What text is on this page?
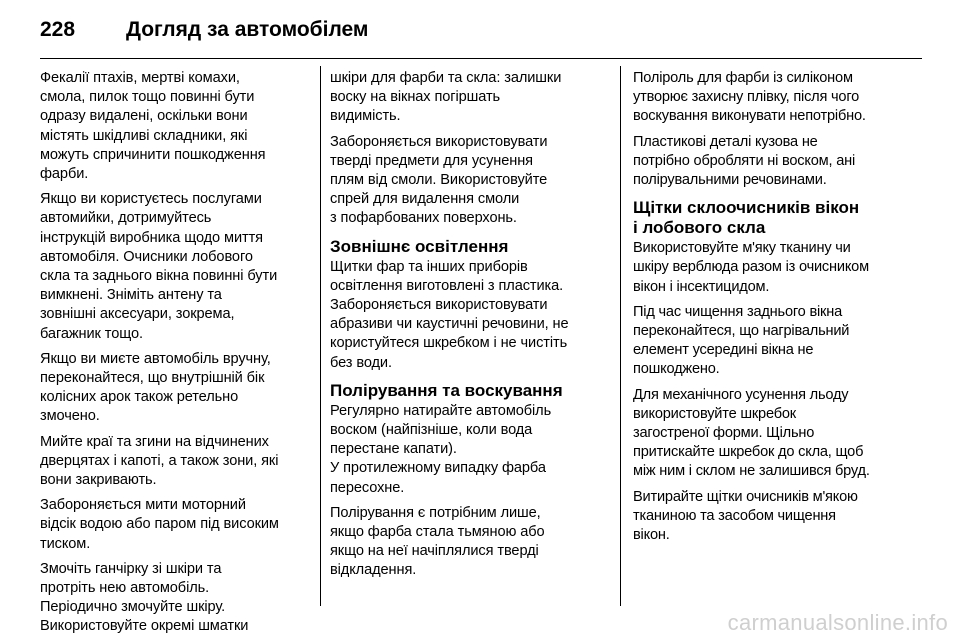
228	Догляд за автомобілем

Фекалії птахів, мертві комахи,
смола, пилок тощо повинні бути
одразу видалені, оскільки вони
містять шкідливі складники, які
можуть спричинити пошкодження
фарби.

Якщо ви користуєтесь послугами
автомийки, дотримуйтесь
інструкцій виробника щодо миття
автомобіля. Очисники лобового
скла та заднього вікна повинні бути
вимкнені. Зніміть антену та
зовнішні аксесуари, зокрема,
багажник тощо.

Якщо ви миєте автомобіль вручну,
переконайтеся, що внутрішній бік
колісних арок також ретельно
змочено.

Мийте краї та згини на відчинених
дверцятах і капоті, а також зони, які
вони закривають.

Забороняється мити моторний
відсік водою або паром під високим
тиском.

Змочіть ганчірку зі шкіри та
протріть нею автомобіль.
Періодично змочуйте шкіру.
Використовуйте окремі шматки

шкіри для фарби та скла: залишки
воску на вікнах погіршать
видимість.

Забороняється використовувати
тверді предмети для усунення
плям від смоли. Використовуйте
спрей для видалення смоли
з пофарбованих поверхонь.

Зовнішнє освітлення

Щитки фар та інших приборів
освітлення виготовлені з пластика.
Забороняється використовувати
абразиви чи каустичні речовини, не
користуйтеся шкребком і не чистіть
без води.

Полірування та воскування

Регулярно натирайте автомобіль
воском (найпізніше, коли вода
перестане капати).
У протилежному випадку фарба
пересохне.

Полірування є потрібним лише,
якщо фарба стала тьмяною або
якщо на неї начіплялися тверді
відкладення.

Поліроль для фарби із силіконом
утворює захисну плівку, після чого
воскування виконувати непотрібно.

Пластикові деталі кузова не
потрібно обробляти ні воском, ані
полірувальними речовинами.

Щітки склоочисників вікон
і лобового скла

Використовуйте м'яку тканину чи
шкіру верблюда разом із очисником
вікон і інсектицидом.

Під час чищення заднього вікна
переконайтеся, що нагрівальний
елемент усередині вікна не
пошкоджено.

Для механічного усунення льоду
використовуйте шкребок
загостреної форми. Щільно
притискайте шкребок до скла, щоб
між ним і склом не залишився бруд.

Витирайте щітки очисників м'якою
тканиною та засобом чищення
вікон.

carmanualsonline.info
